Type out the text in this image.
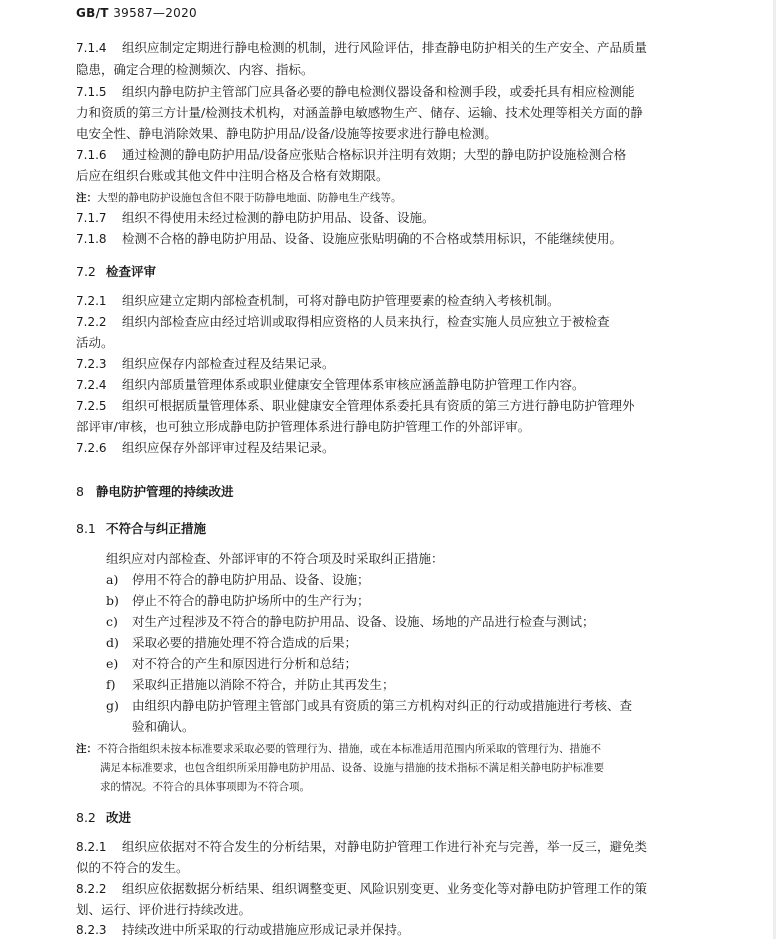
GB/T 39587—2020
7.1.4 组织应制定定期进行静电检测的机制，进行风险评估，排查静电防护相关的生产安全、产品质量
隐患，确定合理的检测频次、内容、指标。
7.1.5 组织内静电防护主管部门应具备必要的静电检测仪器设备和检测手段，或委托具有相应检测能
力和资质的第三方计量/检测技术机构，对涵盖静电敏感物生产、储存、运输、技术处理等相关方面的静
电安全性、静电消除效果、静电防护用品/设备/设施等按要求进行静电检测。
7.1.6 通过检测的静电防护用品/设备应张贴合格标识并注明有效期；大型的静电防护设施检测合格
后应在组织台账或其他文件中注明合格及合格有效期限。
注：大型的静电防护设施包含但不限于防静电地面、防静电生产线等。
7.1.7 组织不得使用未经过检测的静电防护用品、设备、设施。
7.1.8 检测不合格的静电防护用品、设备、设施应张贴明确的不合格或禁用标识，不能继续使用。
7.2 检查评审
7.2.1 组织应建立定期内部检查机制，可将对静电防护管理要素的检查纳入考核机制。
7.2.2 组织内部检查应由经过培训或取得相应资格的人员来执行，检查实施人员应独立于被检查
活动。
7.2.3 组织应保存内部检查过程及结果记录。
7.2.4 组织内部质量管理体系或职业健康安全管理体系审核应涵盖静电防护管理工作内容。
7.2.5 组织可根据质量管理体系、职业健康安全管理体系委托具有资质的第三方进行静电防护管理外
部评审/审核，也可独立形成静电防护管理体系进行静电防护管理工作的外部评审。
7.2.6 组织应保存外部评审过程及结果记录。
8 静电防护管理的持续改进
8.1 不符合与纠正措施
组织应对内部检查、外部评审的不符合项及时采取纠正措施：
a) 停用不符合的静电防护用品、设备、设施；
b) 停止不符合的静电防护场所中的生产行为；
c) 对生产过程涉及不符合的静电防护用品、设备、设施、场地的产品进行检查与测试；
d) 采取必要的措施处理不符合造成的后果；
e) 对不符合的产生和原因进行分析和总结；
f) 采取纠正措施以消除不符合，并防止其再发生；
g) 由组织内静电防护管理主管部门或具有资质的第三方机构对纠正的行动或措施进行考核、查
验和确认。
注：不符合指组织未按本标准要求采取必要的管理行为、措施，或在本标准适用范围内所采取的管理行为、措施不
满足本标准要求，也包含组织所采用静电防护用品、设备、设施与措施的技术指标不满足相关静电防护标准要
求的情况。不符合的具体事项即为不符合项。
8.2 改进
8.2.1 组织应依据对不符合发生的分析结果，对静电防护管理工作进行补充与完善，举一反三，避免类
似的不符合的发生。
8.2.2 组织应依据数据分析结果、组织调整变更、风险识别变更、业务变化等对静电防护管理工作的策
划、运行、评价进行持续改进。
8.2.3 持续改进中所采取的行动或措施应形成记录并保持。
